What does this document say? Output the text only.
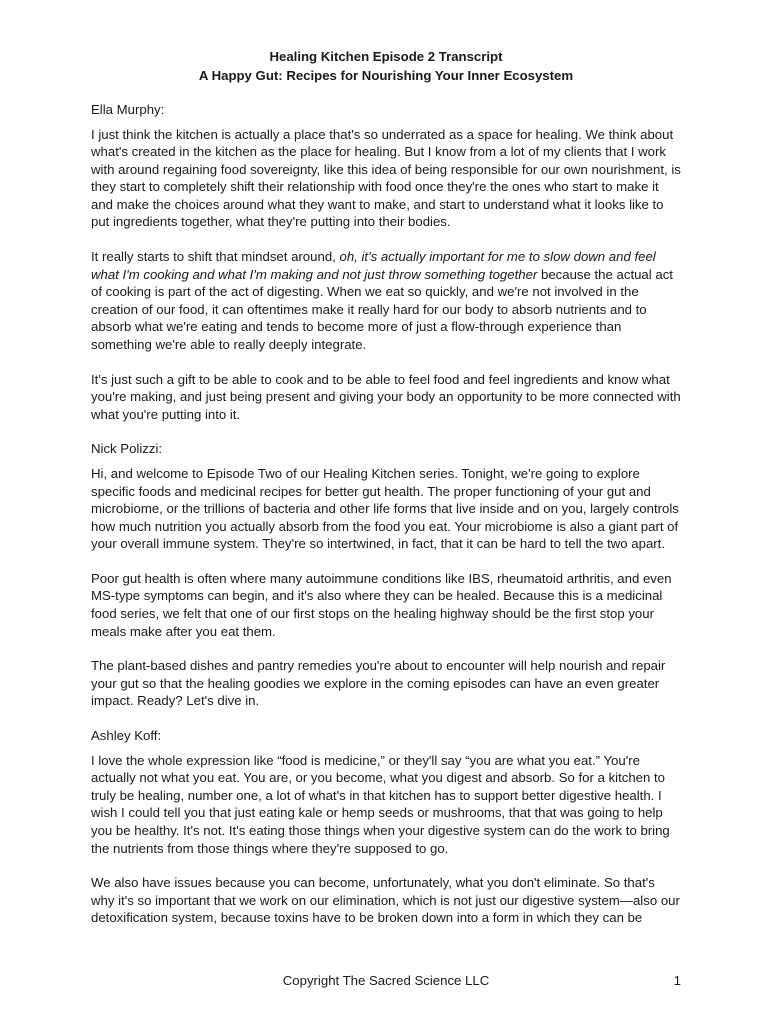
Healing Kitchen Episode 2 Transcript

A Happy Gut: Recipes for Nourishing Your Inner Ecosystem

Ella Murphy:

I just think the kitchen is actually a place that's so underrated as a space for healing. We think about what's created in the kitchen as the place for healing. But I know from a lot of my clients that I work with around regaining food sovereignty, like this idea of being responsible for our own nourishment, is they start to completely shift their relationship with food once they're the ones who start to make it and make the choices around what they want to make, and start to understand what it looks like to put ingredients together, what they're putting into their bodies.

It really starts to shift that mindset around, oh, it's actually important for me to slow down and feel what I'm cooking and what I'm making and not just throw something together because the actual act of cooking is part of the act of digesting. When we eat so quickly, and we're not involved in the creation of our food, it can oftentimes make it really hard for our body to absorb nutrients and to absorb what we're eating and tends to become more of just a flow-through experience than something we're able to really deeply integrate.

It's just such a gift to be able to cook and to be able to feel food and feel ingredients and know what you're making, and just being present and giving your body an opportunity to be more connected with what you're putting into it.

Nick Polizzi:

Hi, and welcome to Episode Two of our Healing Kitchen series. Tonight, we're going to explore specific foods and medicinal recipes for better gut health. The proper functioning of your gut and microbiome, or the trillions of bacteria and other life forms that live inside and on you, largely controls how much nutrition you actually absorb from the food you eat. Your microbiome is also a giant part of your overall immune system. They're so intertwined, in fact, that it can be hard to tell the two apart.

Poor gut health is often where many autoimmune conditions like IBS, rheumatoid arthritis, and even MS-type symptoms can begin, and it's also where they can be healed. Because this is a medicinal food series, we felt that one of our first stops on the healing highway should be the first stop your meals make after you eat them.

The plant-based dishes and pantry remedies you're about to encounter will help nourish and repair your gut so that the healing goodies we explore in the coming episodes can have an even greater impact. Ready? Let's dive in.

Ashley Koff:

I love the whole expression like “food is medicine,” or they'll say “you are what you eat.” You're actually not what you eat. You are, or you become, what you digest and absorb. So for a kitchen to truly be healing, number one, a lot of what's in that kitchen has to support better digestive health. I wish I could tell you that just eating kale or hemp seeds or mushrooms, that that was going to help you be healthy. It's not. It's eating those things when your digestive system can do the work to bring the nutrients from those things where they're supposed to go.

We also have issues because you can become, unfortunately, what you don't eliminate. So that's why it's so important that we work on our elimination, which is not just our digestive system—also our detoxification system, because toxins have to be broken down into a form in which they can be

Copyright The Sacred Science LLC	1
